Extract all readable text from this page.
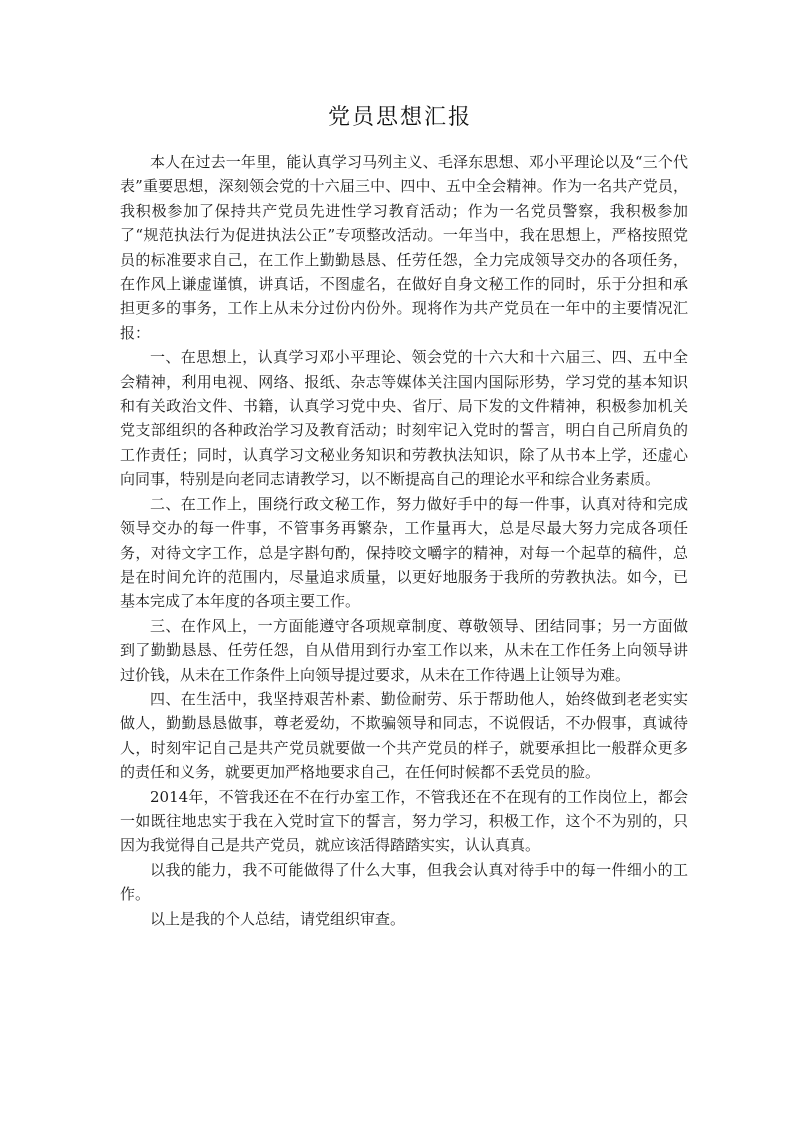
党员思想汇报

本人在过去一年里，能认真学习马列主义、毛泽东思想、邓小平理论以及“三个代表”重要思想，深刻领会党的十六届三中、四中、五中全会精神。作为一名共产党员，我积极参加了保持共产党员先进性学习教育活动；作为一名党员警察，我积极参加了“规范执法行为促进执法公正”专项整改活动。一年当中，我在思想上，严格按照党员的标准要求自己，在工作上勤勤恳恳、任劳任怨，全力完成领导交办的各项任务，在作风上谦虚谨慎，讲真话，不图虚名，在做好自身文秘工作的同时，乐于分担和承担更多的事务，工作上从未分过份内份外。现将作为共产党员在一年中的主要情况汇报：

一、在思想上，认真学习邓小平理论、领会党的十六大和十六届三、四、五中全会精神，利用电视、网络、报纸、杂志等媒体关注国内国际形势，学习党的基本知识和有关政治文件、书籍，认真学习党中央、省厅、局下发的文件精神，积极参加机关党支部组织的各种政治学习及教育活动；时刻牢记入党时的誓言，明白自己所肩负的工作责任；同时，认真学习文秘业务知识和劳教执法知识，除了从书本上学，还虚心向同事，特别是向老同志请教学习，以不断提高自己的理论水平和综合业务素质。

二、在工作上，围绕行政文秘工作，努力做好手中的每一件事，认真对待和完成领导交办的每一件事，不管事务再繁杂，工作量再大，总是尽最大努力完成各项任务，对待文字工作，总是字斟句酌，保持咬文嚼字的精神，对每一个起草的稿件，总是在时间允许的范围内，尽量追求质量，以更好地服务于我所的劳教执法。如今，已基本完成了本年度的各项主要工作。

三、在作风上，一方面能遵守各项规章制度、尊敬领导、团结同事；另一方面做到了勤勤恳恳、任劳任怨，自从借用到行办室工作以来，从未在工作任务上向领导讲过价钱，从未在工作条件上向领导提过要求，从未在工作待遇上让领导为难。

四、在生活中，我坚持艰苦朴素、勤俭耐劳、乐于帮助他人，始终做到老老实实做人，勤勤恳恳做事，尊老爱幼，不欺骗领导和同志，不说假话，不办假事，真诚待人，时刻牢记自己是共产党员就要做一个共产党员的样子，就要承担比一般群众更多的责任和义务，就要更加严格地要求自己，在任何时候都不丢党员的脸。

2014年，不管我还在不在行办室工作，不管我还在不在现有的工作岗位上，都会一如既往地忠实于我在入党时宣下的誓言，努力学习，积极工作，这个不为别的，只因为我觉得自己是共产党员，就应该活得踏踏实实，认认真真。

以我的能力，我不可能做得了什么大事，但我会认真对待手中的每一件细小的工作。

以上是我的个人总结，请党组织审查。
